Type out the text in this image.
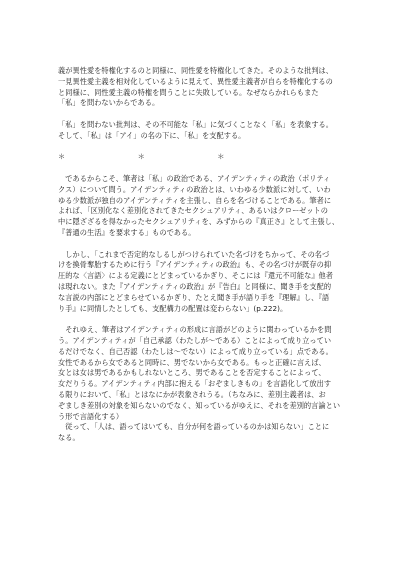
義が異性愛を特権化するのと同様に、同性愛を特権化してきた。そのような批判は、
一見異性愛主義を相対化しているように見えて、異性愛主義者が自らを特権化するの
と同様に、同性愛主義の特権を問うことに失敗している。なぜならかれらもまた
「私」を問わないからである。

「私」を問わない批判は、その不可能な「私」に気づくことなく「私」を表象する。
そして、「私」は「アイ」の名の下に、「私」を支配する。

＊　　　　　　　　　　＊　　　　　　　　　　＊

　であるからこそ、筆者は「私」の政治である、アイデンティティの政治（ポリティ
クス）について問う。アイデンティティの政治とは、いわゆる少数派に対して、いわ
ゆる少数派が独自のアイデンティティを主張し、自らを名づけることである。筆者に
よれば、「区別化なく差別化されてきたセクシュアリティ、あるいはクローゼットの
中に隠ざざるを得なかったセクシュアリティを、みずからの『真正さ』として主張し、
『普通の生活』を要求する」ものである。

　しかし、「これまで否定的なしるしがつけられていた名づけをちかって、その名づ
けを換骨奪胎するために行う『アイデンティティの政治』も、その名づけが既存の抑
圧的な〈言語〉による定義にとどまっているかぎり、そこには『還元不可能な』他者
は現れない。また『アイデンティティの政治』が『告白』と同様に、聞き手を支配的
な言説の内部にとどまらせているかぎり、たとえ聞き手が語り手を『理解』し、『語
り手』に同情したとしても、支配構力の配置は変わらない」(p.222)。

　それゆえ、筆者はアイデンティティの形成に言語がどのように関わっているかを問
う。アイデンティティが「自己承認（わたしが〜である）ことによって成り立ってい
るだけでなく、自己否認（わたしは〜でない）によって成り立っている」点である。
女性であるから女であると同時に、男でないから女である。もっと正確に言えば、
女とは女は男であるかもしれないところ、男であることを否定することによって、
女だりうる。アイデンティティ内部に抱える「おぞましきもの」を言語化して放出す
る限りにおいて、「私」とはなにかが表象されうる。（ちなみに、差別主義者は、お
ぞましき差別の対象を知らないのでなく、知っているがゆえに、それを差別的言論とい
う形で言語化する）

　従って、「人は、語ってはいても、自分が何を語っているのかは知らない」ことに
なる。
